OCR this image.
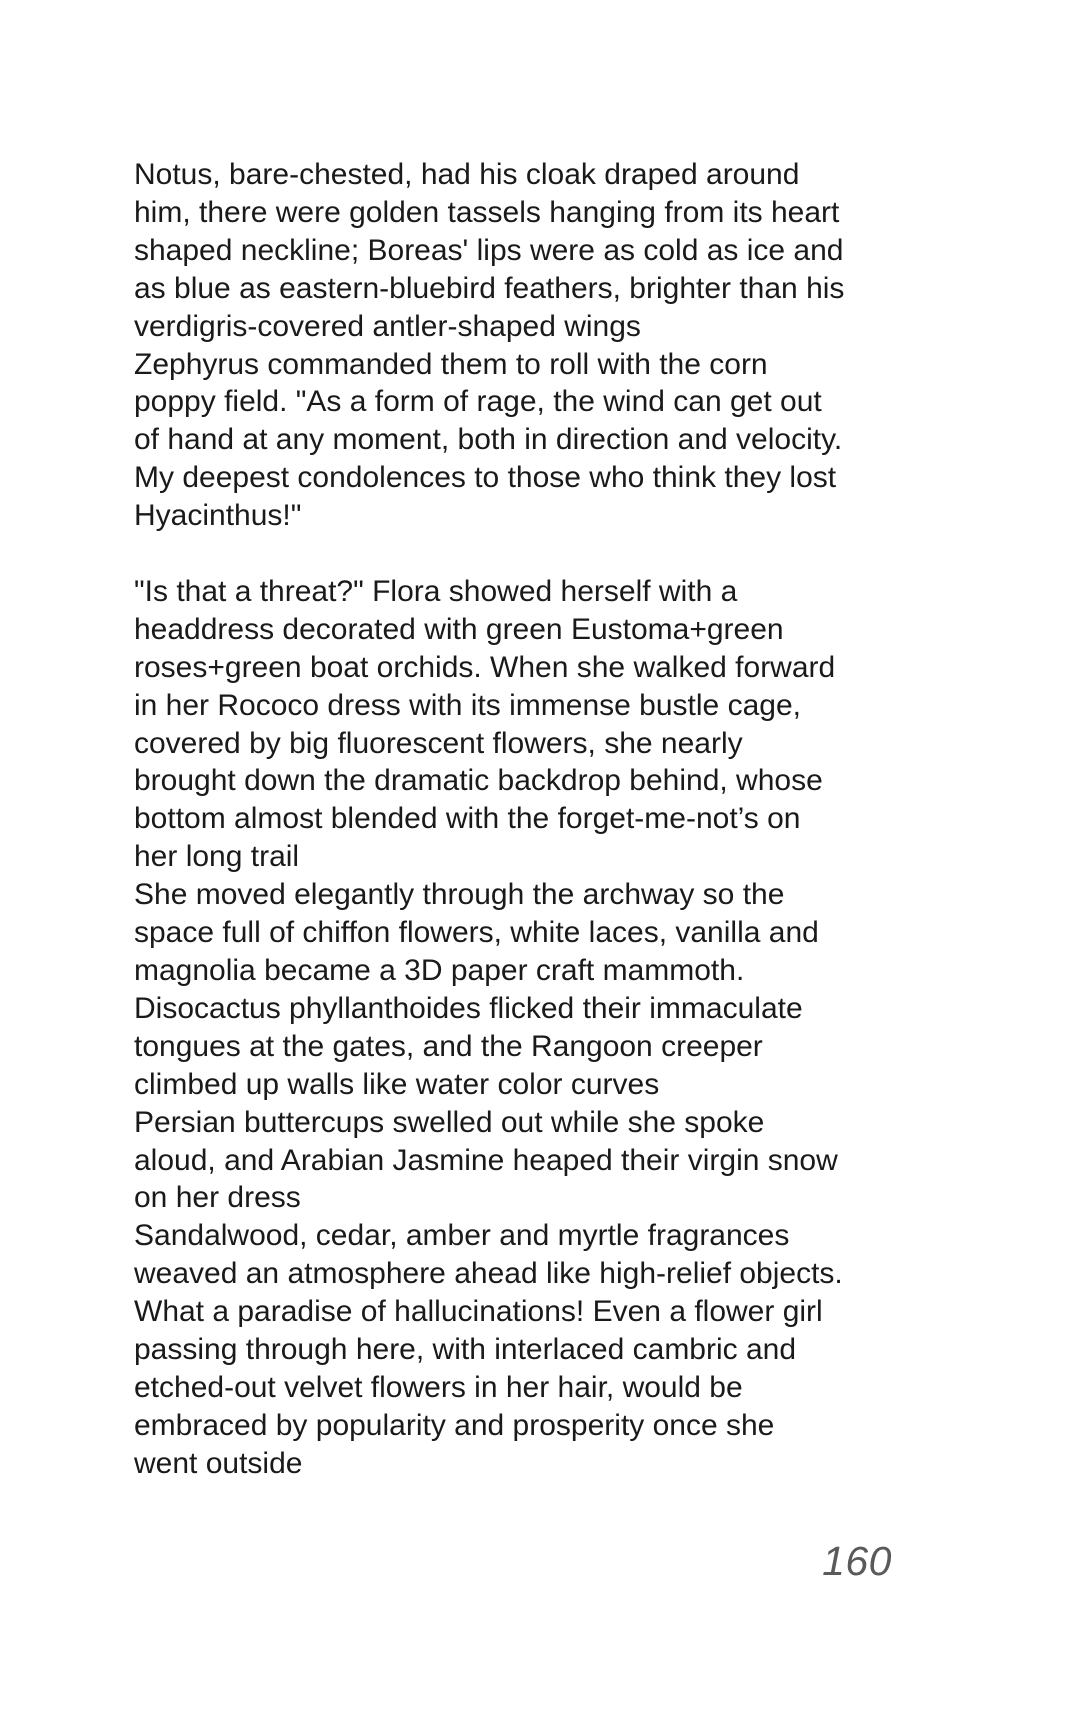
Notus, bare-chested, had his cloak draped around
him, there were golden tassels hanging from its heart
shaped neckline; Boreas' lips were as cold as ice and
as blue as eastern-bluebird feathers, brighter than his
verdigris-covered antler-shaped wings
Zephyrus commanded them to roll with the corn
poppy field. "As a form of rage, the wind can get out
of hand at any moment, both in direction and velocity.
My deepest condolences to those who think they lost
Hyacinthus!"

"Is that a threat?" Flora showed herself with a
headdress decorated with green Eustoma+green
roses+green boat orchids. When she walked forward
in her Rococo dress with its immense bustle cage,
covered by big fluorescent flowers, she nearly
brought down the dramatic backdrop behind, whose
bottom almost blended with the forget-me-not’s on
her long trail
She moved elegantly through the archway so the
space full of chiffon flowers, white laces, vanilla and
magnolia became a 3D paper craft mammoth.
Disocactus phyllanthoides flicked their immaculate
tongues at the gates, and the Rangoon creeper
climbed up walls like water color curves
Persian buttercups swelled out while she spoke
aloud, and Arabian Jasmine heaped their virgin snow
on her dress
Sandalwood, cedar, amber and myrtle fragrances
weaved an atmosphere ahead like high-relief objects.
What a paradise of hallucinations! Even a flower girl
passing through here, with interlaced cambric and
etched-out velvet flowers in her hair, would be
embraced by popularity and prosperity once she
went outside

160
